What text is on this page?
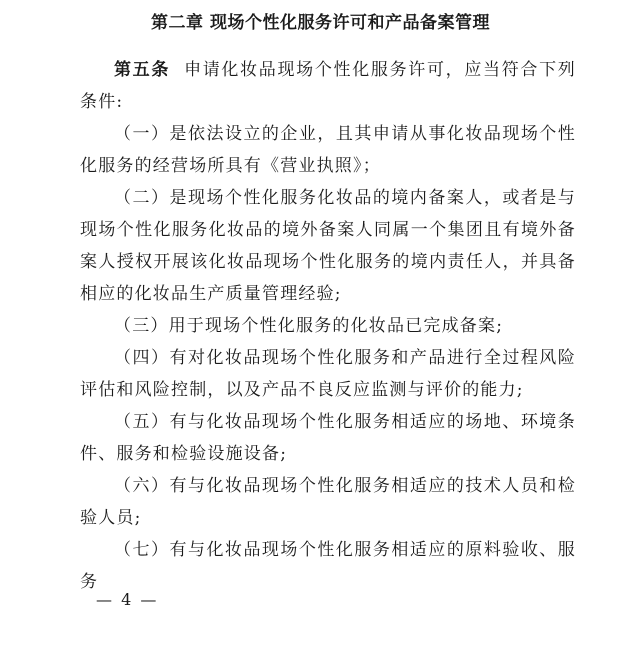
第二章 现场个性化服务许可和产品备案管理

第五条 申请化妆品现场个性化服务许可，应当符合下列条件:

（一）是依法设立的企业，且其申请从事化妆品现场个性化服务的经营场所具有《营业执照》；

（二）是现场个性化服务化妆品的境内备案人，或者是与现场个性化服务化妆品的境外备案人同属一个集团且有境外备案人授权开展该化妆品现场个性化服务的境内责任人，并具备相应的化妆品生产质量管理经验;

（三）用于现场个性化服务的化妆品已完成备案;

（四）有对化妆品现场个性化服务和产品进行全过程风险评估和风险控制，以及产品不良反应监测与评价的能力;

（五）有与化妆品现场个性化服务相适应的场地、环境条件、服务和检验设施设备;

（六）有与化妆品现场个性化服务相适应的技术人员和检验人员;

（七）有与化妆品现场个性化服务相适应的原料验收、服务

— 4 —
